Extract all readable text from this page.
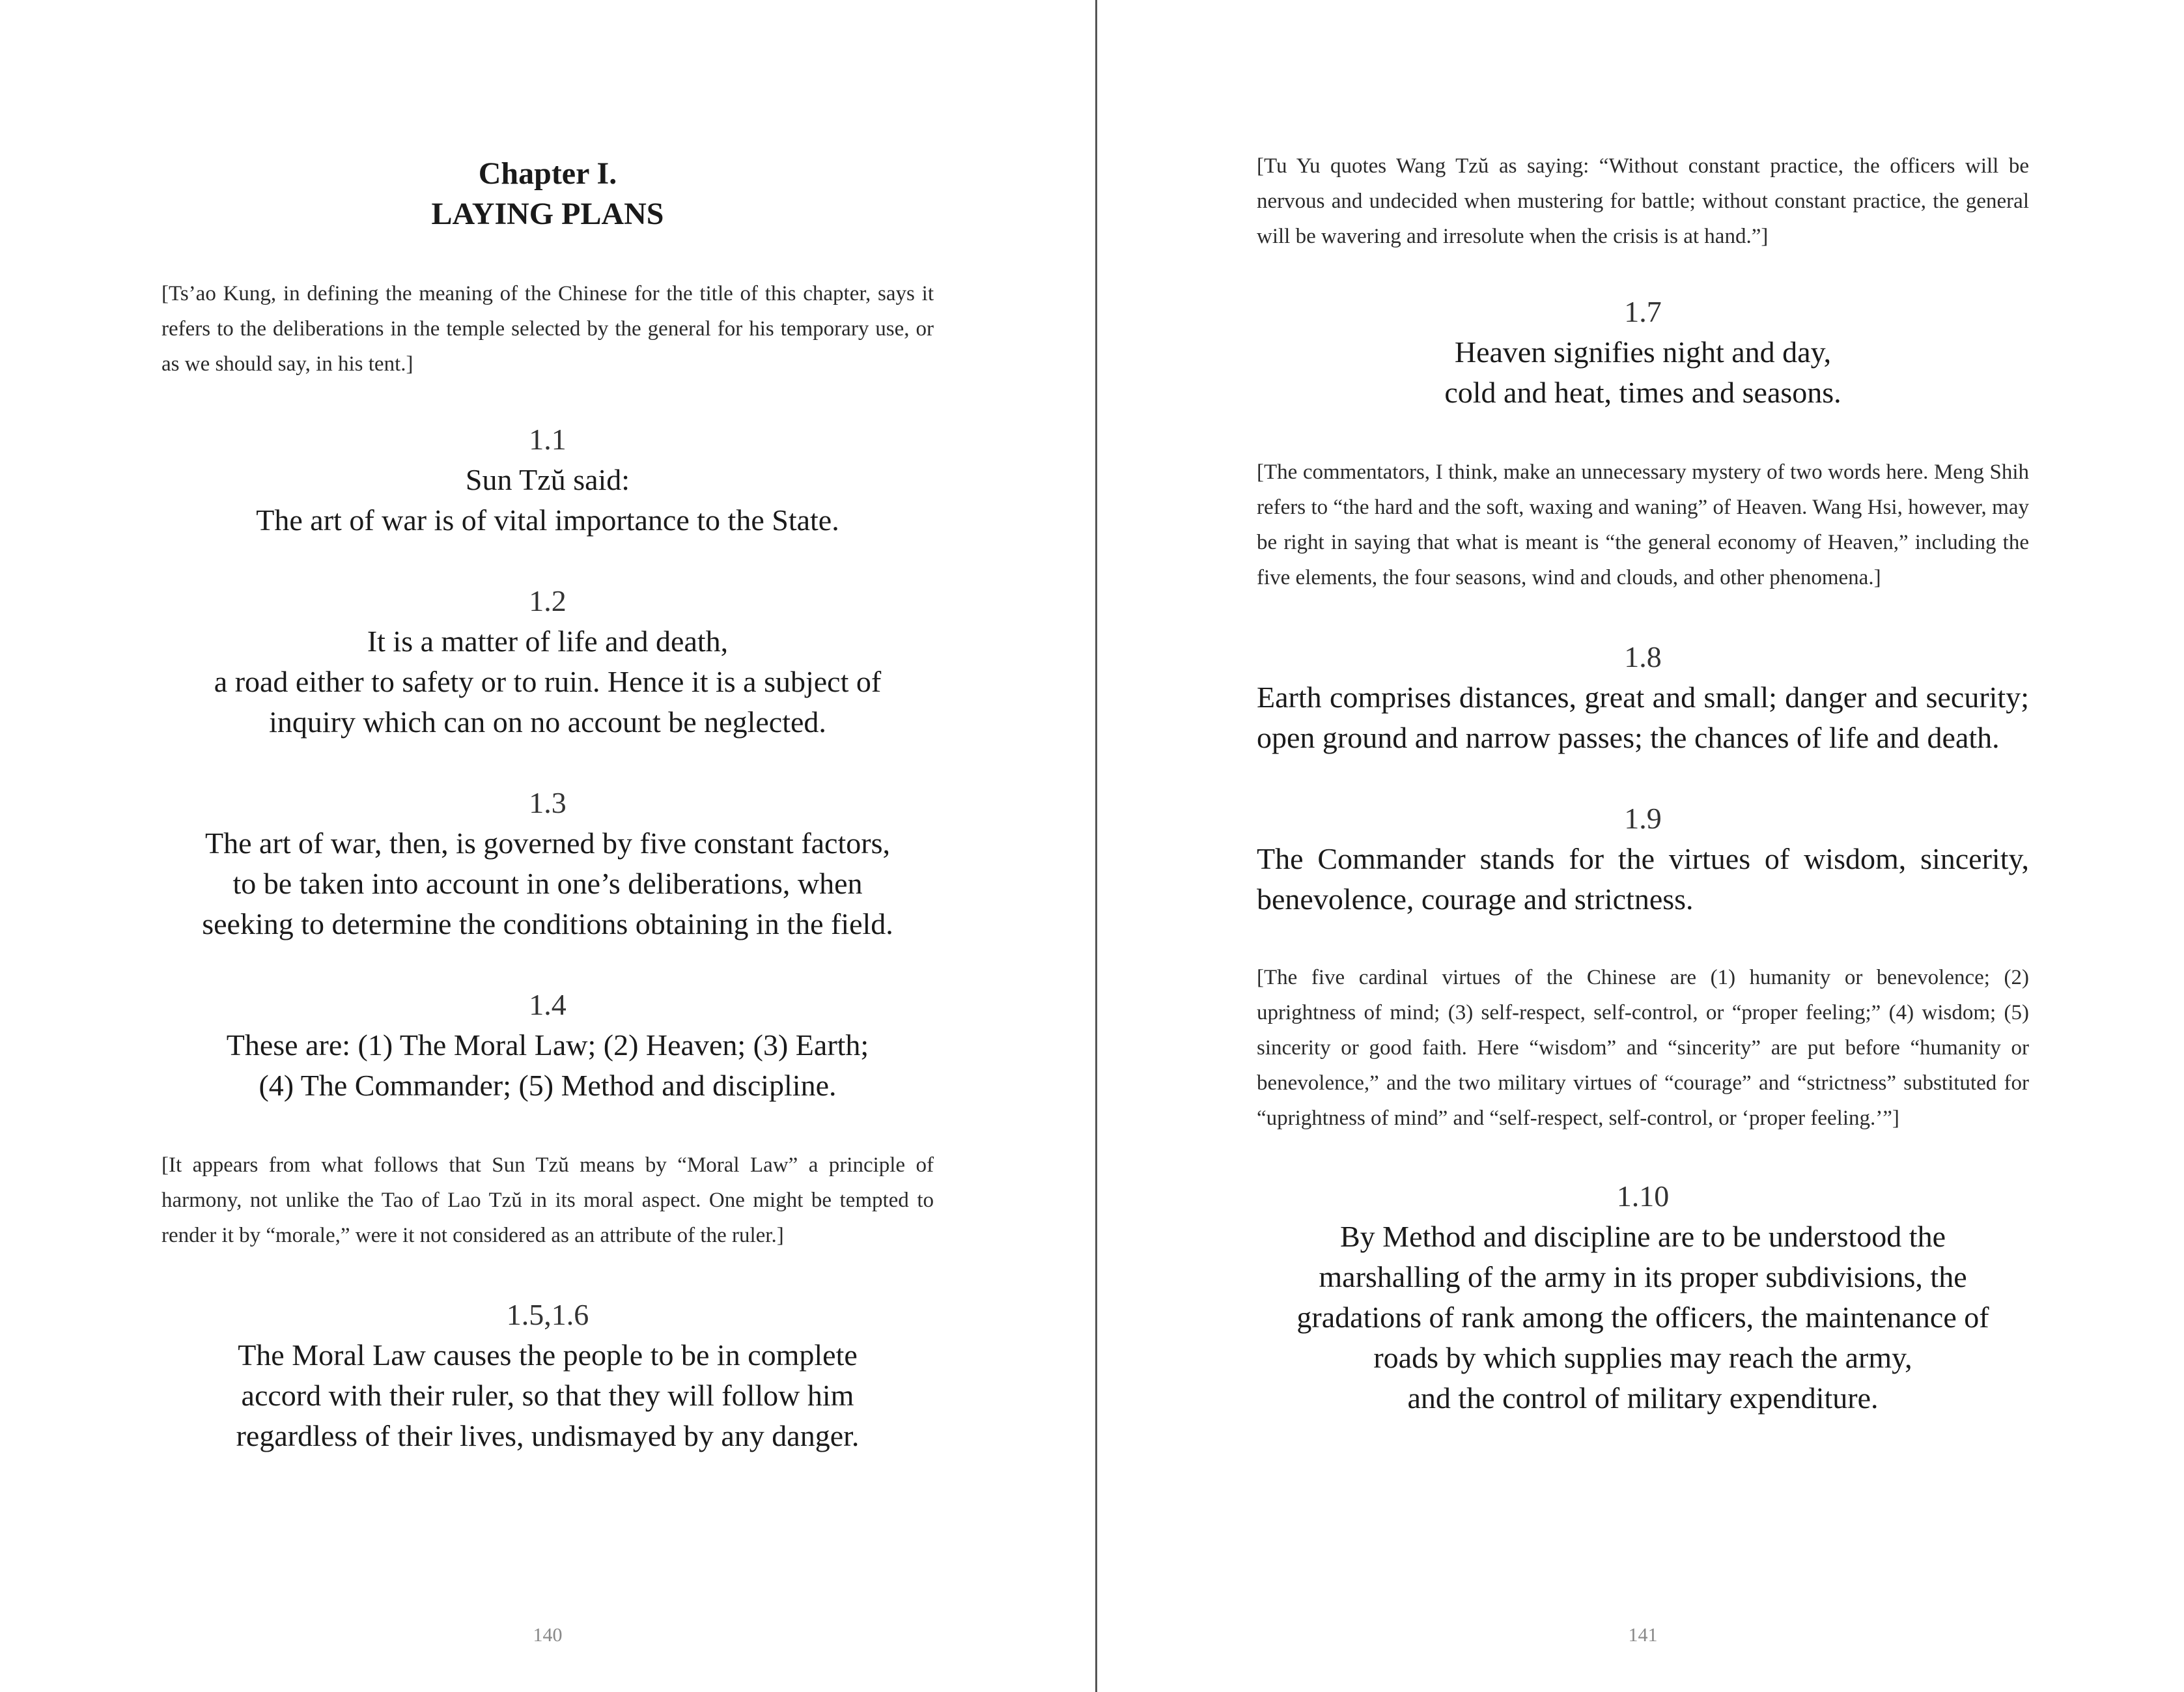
Chapter I.
LAYING PLANS

[Ts’ao Kung, in defining the meaning of the Chinese for the title of this chapter, says it refers to the deliberations in the temple selected by the general for his temporary use, or as we should say, in his tent.]

1.1
Sun Tzŭ said:
The art of war is of vital importance to the State.
1.2
It is a matter of life and death,
a road either to safety or to ruin. Hence it is a subject of
inquiry which can on no account be neglected.
1.3
The art of war, then, is governed by five constant factors,
to be taken into account in one’s deliberations, when
seeking to determine the conditions obtaining in the field.
1.4
These are: (1) The Moral Law; (2) Heaven; (3) Earth;
(4) The Commander; (5) Method and discipline.

[It appears from what follows that Sun Tzŭ means by “Moral Law” a principle of harmony, not unlike the Tao of Lao Tzŭ in its moral aspect. One might be tempted to render it by “morale,” were it not considered as an attribute of the ruler.]

1.5,1.6
The Moral Law causes the people to be in complete
accord with their ruler, so that they will follow him
regardless of their lives, undismayed by any danger.
140

[Tu Yu quotes Wang Tzŭ as saying: “Without constant practice, the officers will be nervous and undecided when mustering for battle; without constant practice, the general will be wavering and irresolute when the crisis is at hand.”]

1.7
Heaven signifies night and day,
cold and heat, times and seasons.

[The commentators, I think, make an unnecessary mystery of two words here. Meng Shih refers to “the hard and the soft, waxing and waning” of Heaven. Wang Hsi, however, may be right in saying that what is meant is “the general economy of Heaven,” including the five elements, the four seasons, wind and clouds, and other phenomena.]

1.8
Earth comprises distances, great and small; danger and security; open ground and narrow passes; the chances of life and death.
1.9
The Commander stands for the virtues of wisdom, sincerity, benevolence, courage and strictness.

[The five cardinal virtues of the Chinese are (1) humanity or benevolence; (2) uprightness of mind; (3) self-respect, self-control, or “proper feeling;” (4) wisdom; (5) sincerity or good faith. Here “wisdom” and “sincerity” are put before “humanity or benevolence,” and the two military virtues of “courage” and “strictness” substituted for “uprightness of mind” and “self-respect, self-control, or ‘proper feeling.’”]

1.10
By Method and discipline are to be understood the
marshalling of the army in its proper subdivisions, the
gradations of rank among the officers, the maintenance of
roads by which supplies may reach the army,
and the control of military expenditure.
141
